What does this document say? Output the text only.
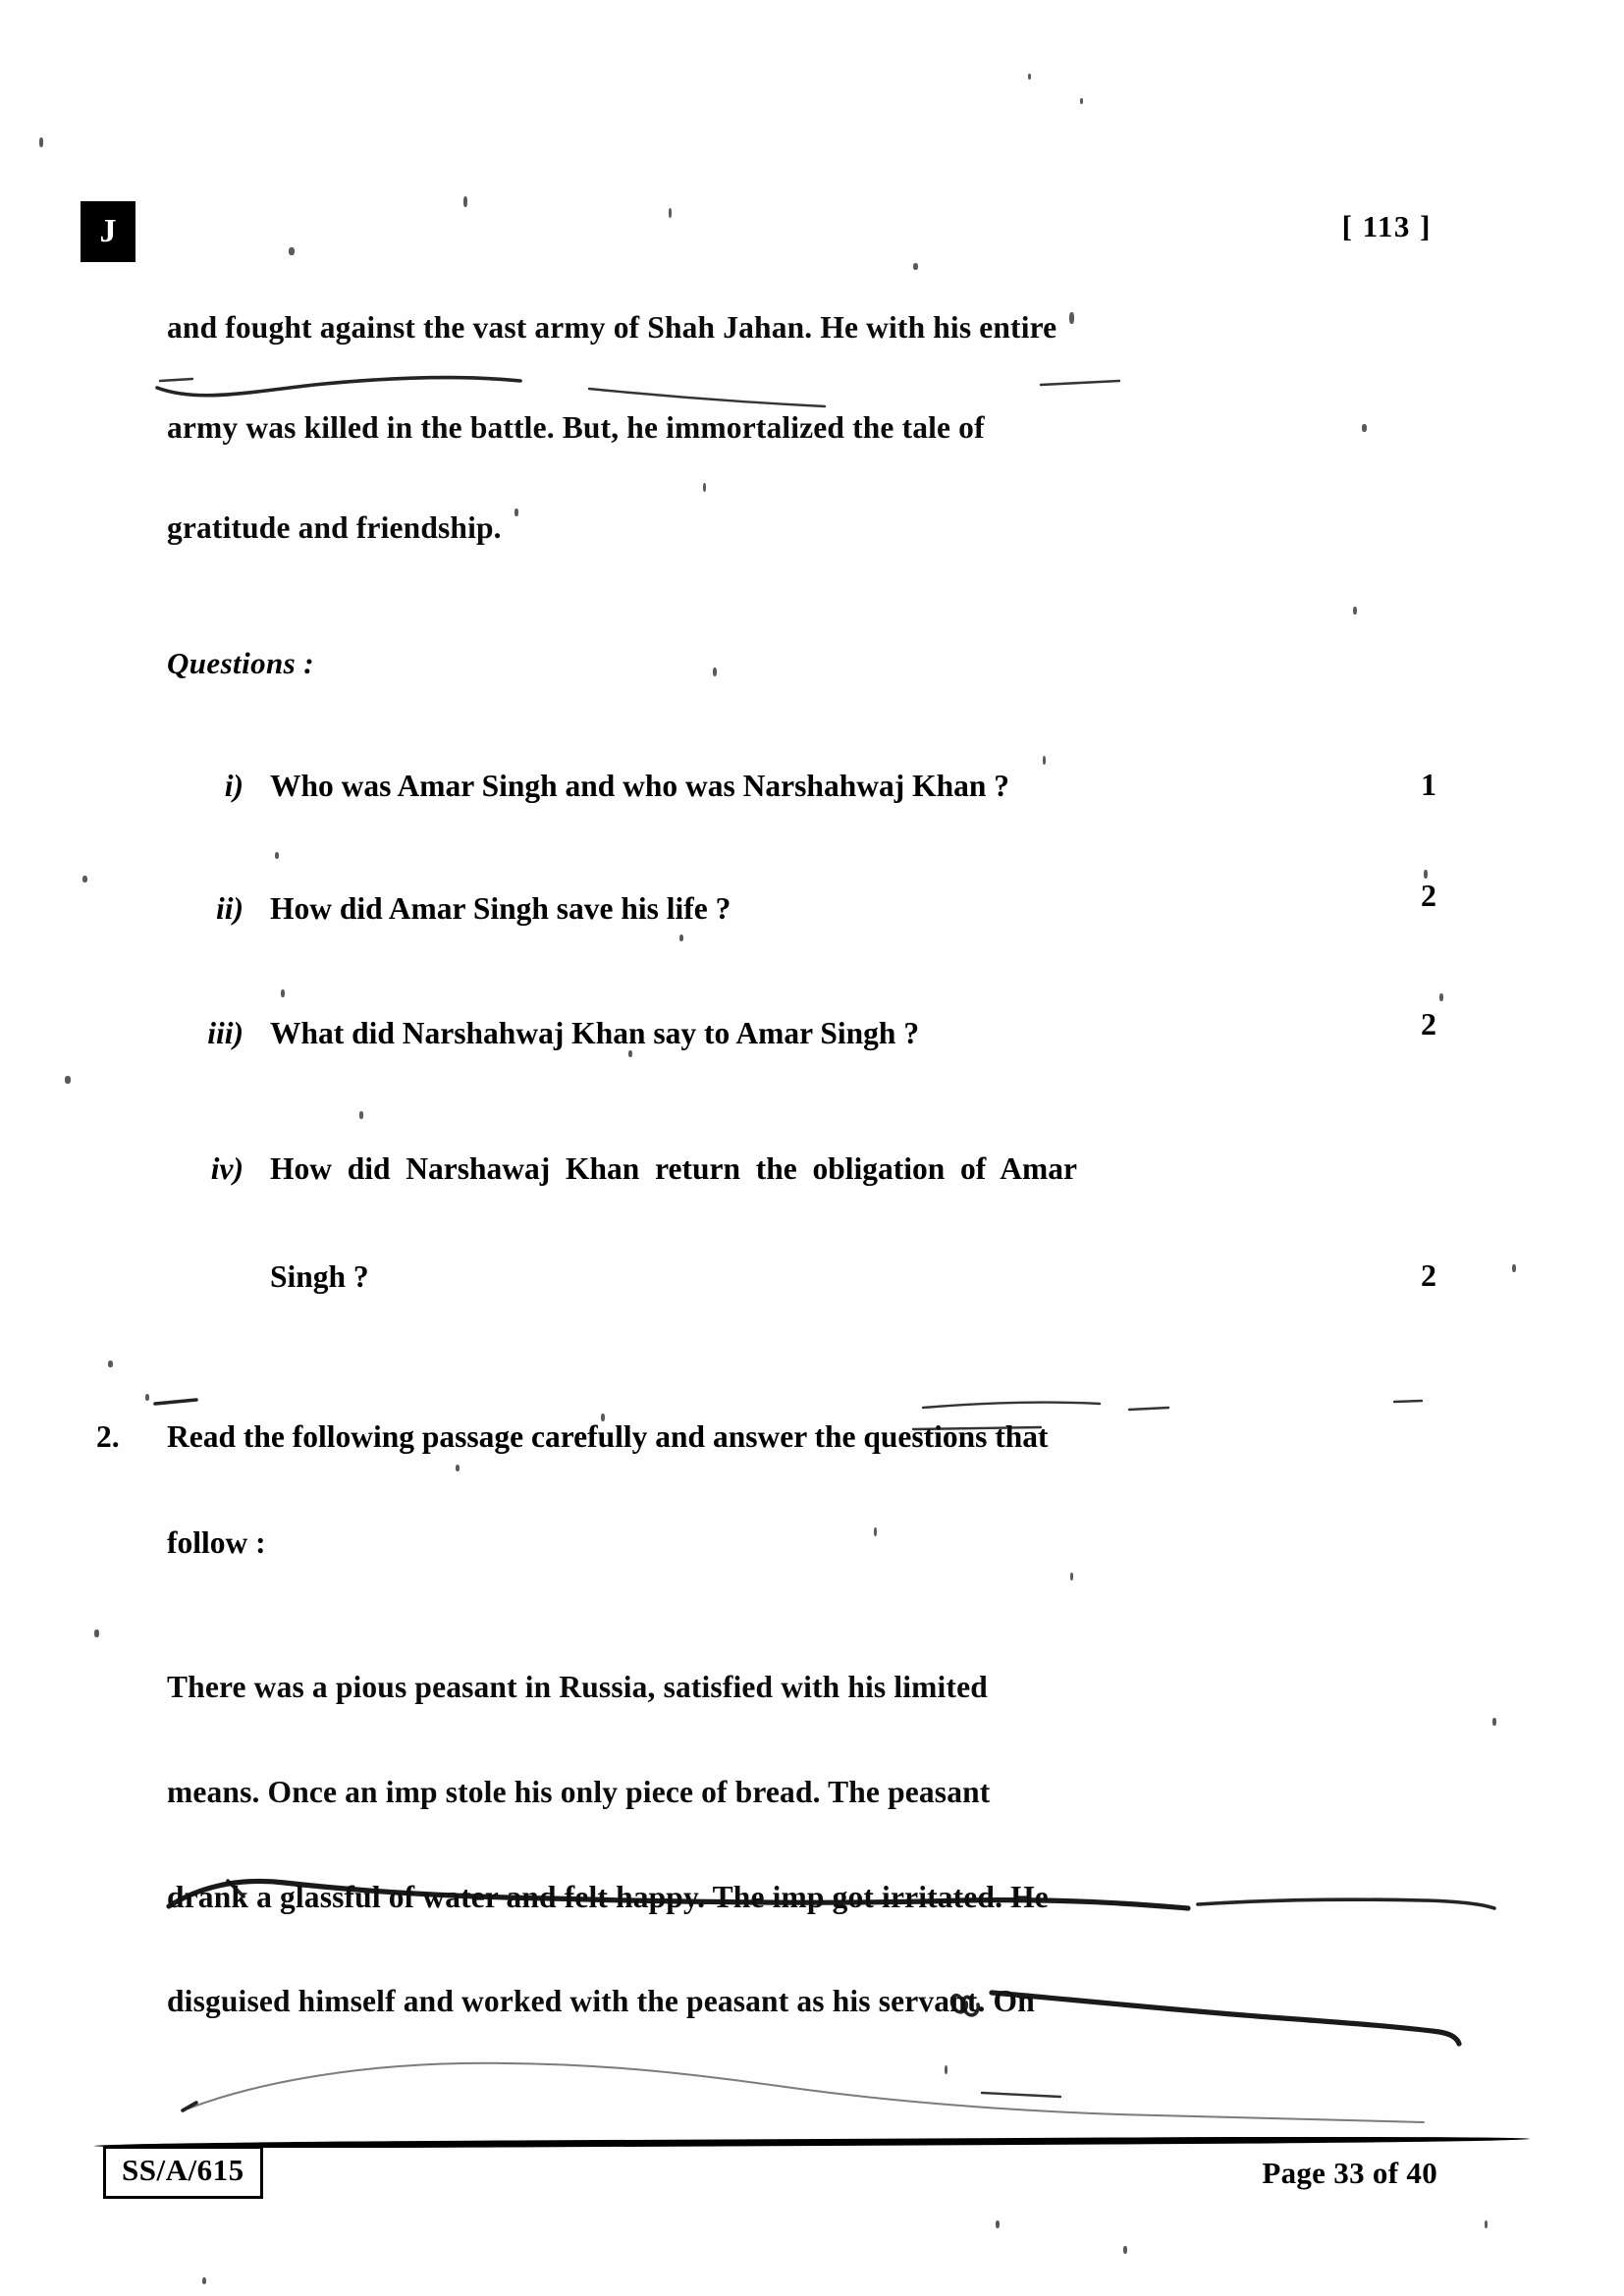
J	[ 113 ]
and fought against the vast army of Shah Jahan. He with his entire
army was killed in the battle. But, he immortalized the tale of
gratitude and friendship.
Questions :
i) Who was Amar Singh and who was Narshahwaj Khan ?	1
ii) How did Amar Singh save his life ?	2
iii) What did Narshahwaj Khan say to Amar Singh ?	2
iv) How  did  Narshawaj  Khan  return  the  obligation  of  Amar
Singh ?	2
2. Read the following passage carefully and answer the questions that
follow :
There was a pious peasant in Russia, satisfied with his limited
means. Once an imp stole his only piece of bread. The peasant
drank a glassful of water and felt happy. The imp got irritated. He
disguised himself and worked with the peasant as his servant. On
SS/A/615	Page 33 of 40
